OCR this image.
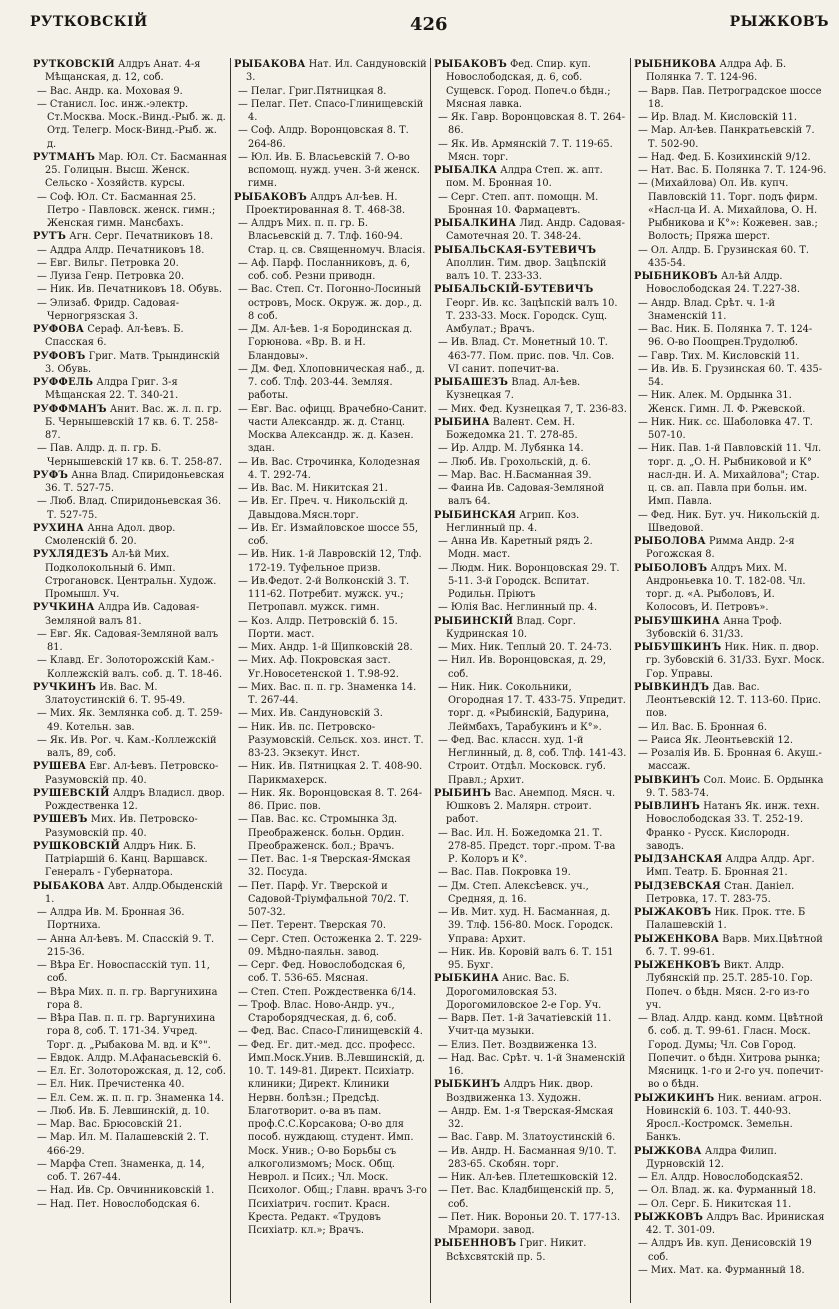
РУТКОВСКІЙ	426	РЫЖКОВЪ

РУТКОВСКІЙ Алдръ Анат. 4-я Мѣщанская, д. 12, соб.

— Вас. Андр. ка. Моховая 9.

— Станисл. Іос. инж.-электр. Ст.Москва. Моск.-Винд.-Рыб. ж. д. Отд. Телегр. Моск-Винд.-Рыб. ж. д.

РУТМАНЪ Мар. Юл. Ст. Басманная 25. Голицын. Высш. Женск. Сельско - Хозяйств. курсы.

— Соф. Юл. Ст. Басманная 25. Петро - Павловск. женск. гимн.; Женская гимн. Мансбахъ.

РУТЪ Агн. Серг. Печатниковъ 18.

— Аддра Алдр. Печатниковъ 18.

— Евг. Вильг. Петровка 20.

— Луиза Генр. Петровка 20.

— Ник. Ив. Печатниковъ 18. Обувь.

— Элизаб. Фридр. Садовая-Черногрязская 3.

РУФОВА Сераф. Ал-ѣевъ. Б. Спасская 6.

РУФОВЪ Григ. Матв. Трындинскій 3. Обувь.

РУФФЕЛЬ Алдра Григ. 3-я Мѣщанская 22. Т. 340-21.

РУФФМАНЪ Анит. Вас. ж. л. п. гр. Б. Чернышевскій 17 кв. 6. Т. 258-87.

— Пав. Алдр. д. п. гр. Б. Чернышевскій 17 кв. 6. Т. 258-87.

РУФЪ Анна Влад. Спиридоньевская 36. Т. 527-75.

— Люб. Влад. Спиридоньевская 36. Т. 527-75.

РУХИНА Анна Адол. двор. Смоленскій б. 20.

РУХЛЯДЕЗЪ Ал-ѣй Мих. Подколокольный 6. Имп. Строгановск. Центральн. Худож. Промышл. Уч.

РУЧКИНА Алдра Ив. Садовая-Земляной валъ 81.

— Евг. Як. Садовая-Земляной валъ 81.

— Клавд. Ег. Золоторожскій Кам.-Коллежскій валъ. соб. д. Т. 18-46.

РУЧКИНЪ Ив. Вас. М. Златоустинскій 6. Т. 95-49.

— Мих. Як. Землянка соб. д. Т. 259-49. Котельн. зав.

— Як. Ив. Рог. ч. Кам.-Коллежскій валъ, 89, соб.

РУШЕВА Евг. Ал-ѣевъ. Петровско-Разумовскій пр. 40.

РУШЕВСКІЙ Алдръ Владисл. двор. Рождественка 12.

РУШЕВЪ Мих. Ив. Петровско-Разумовскій пр. 40.

РУШКОВСКІЙ Алдръ Ник. Б. Патріаршій 6. Канц. Варшавск. Генералъ - Губернатора.

РЫБАКОВА Авт. Алдр.Обыденскій 1.

— Алдра Ив. М. Бронная 36. Портниха.

— Анна Ал-ѣевъ. М. Спасскій 9. Т. 215-36.

— Вѣра Ег. Новоспасскій туп. 11, соб.

— Вѣра Мих. п. п. гр. Варгунихина гора 8.

— Вѣра Пав. п. п. гр. Варгунихина гора 8, соб. Т. 171-34. Учред. Торг. д. „Рыбакова М. вд. и К°".

— Евдок. Алдр. М.Афанасьевскій 6.

— Ел. Ег. Золоторожская, д. 12, соб.

— Ел. Ник. Пречистенка 40.

— Ел. Сем. ж. п. п. гр. Знаменка 14.

— Люб. Ив. Б. Левшинскій, д. 10.

— Мар. Вас. Брюсовскій 21.

— Мар. Ил. М. Палашевскій 2. Т. 466-29.

— Марфа Степ. Знаменка, д. 14, соб. Т. 267-44.

— Над. Ив. Ср. Овчинниковскій 1.

— Над. Пет. Новослободская 6.

РЫБАКОВА Нат. Ил. Сандуновскій 3.

— Пелаг. Григ.Пятницкая 8.

— Пелаг. Пет. Спасо-Глинищевскій 4.

— Соф. Алдр. Воронцовская 8. Т. 264-86.

— Юл. Ив. Б. Власьевскій 7. О-во вспомощ. нужд. учен. 3-й женск. гимн.

РЫБАКОВЪ Алдръ Ал-ѣев. Н. Проектированная 8. Т. 468-38.

— Алдръ Мих. п. п. гр. Б. Власьевскій д. 7. Тлф. 160-94. Стар. ц. св. Священномуч. Власія.

— Аф. Парф. Посланниковъ, д. 6, соб. соб. Резни приводн.

— Вас. Степ. Ст. Погонно-Лосиный островъ, Моск. Окруж. ж. дор., д. 8 соб.

— Дм. Ал-ѣев. 1-я Бородинская д. Горюнова. «Вр. В. и Н. Бландовы».

— Дм. Фед. Хлоповническая наб., д. 7. соб. Тлф. 203-44. Земляя. работы.

— Евг. Вас. офицц. Врачебно-Санит. части Александр. ж. д. Станц. Москва Александр. ж. д. Казен. здан.

— Ив. Вас. Строчинка, Колодезная 4. Т. 292-74.

— Ив. Вас. М. Никитская 21.

— Ив. Ег. Преч. ч. Никольскій д. Давыдова.Мясн.торг.

— Ив. Ег. Измайловское шоссе 55, соб.

— Ив. Ник. 1-й Лавровскій 12, Тлф. 172-19. Туфельное призв.

— Ив.Федот. 2-й Волконскій 3. Т. 111-62. Потребит. мужск. уч.; Петропавл. мужск. гимн.

— Коз. Алдр. Петровскій б. 15. Порти. маст.

— Мих. Андр. 1-й Щипковскій 28.

— Мих. Аф. Покровская заст. Уг.Новосетенской 1. Т.98-92.

— Мих. Вас. п. п. гр. Знаменка 14. Т. 267-44.

— Мих. Ив. Сандуновскій 3.

— Ник. Ив. пс. Петровско-Разумовскій. Сельск. хоз. инст. Т. 83-23. Экзекут. Инст.

— Ник. Ив. Пятницкая 2. Т. 408-90. Парикмахерск.

— Ник. Як. Воронцовская 8. Т. 264-86. Прис. пов.

— Пав. Вас. кс. Стромынка 3д. Преображенск. больн. Ордин. Преображенск. бол.; Врачъ.

— Пет. Вас. 1-я Тверская-Ямская 32. Посуда.

— Пет. Парф. Уг. Тверской и Садовой-Тріумфальной 70/2. Т. 507-32.

— Пет. Терент. Тверская 70.

— Серг. Степ. Остоженка 2. Т. 229-09. Мѣдно-паяльн. завод.

— Серг. Фед. Новослободская 6, соб. Т. 536-65. Мясная.

— Степ. Степ. Рождественка 6/14.

— Троф. Влас. Ново-Андр. уч., Староборядческая, д. 6, соб.

— Фед. Вас. Спасо-Глинищевскій 4.

— Фед. Ег. дит.-мед. дсс. професс. Имп.Моск.Унив. В.Левшинскій, д. 10. Т. 149-81. Директ. Психіатр. клиники; Директ. Клиники Нервн. болѣзн.; Предсѣд. Благотворит. о-ва въ пам. проф.С.С.Корсакова; О-во для пособ. нуждающ. студент. Имп. Моск. Унив.; О-во Борьбы съ алкоголизмомъ; Моск. Общ. Неврол. и Псих.; Чл. Моск. Психолог. Общ.; Главн. врачъ 3-го Психіатрич. госпит. Красн. Креста. Редакт. «Трудовъ Психіатр. кл.»; Врачъ.

РЫБАКОВЪ Фед. Спир. куп. Новослободская, д. 6, соб. Сущевск. Город. Попеч.о бѣдн.; Мясная лавка.

— Як. Гавр. Воронцовская 8. Т. 264-86.

— Як. Ив. Армянскій 7. Т. 119-65. Мясн. торг.

РЫБАЛКА Алдра Степ. ж. апт. пом. М. Бронная 10.

— Серг. Степ. апт. помощн. М. Бронная 10. Фармацевтъ.

РЫБАЛКИНА Лид. Андр. Садовая-Самотечная 20. Т. 348-24.

РЫБАЛЬСКАЯ-БУТЕВИЧЪ Аполлин. Тим. двор. Зацѣпскій валъ 10. Т. 233-33.

РЫБАЛЬСКІЙ-БУТЕВИЧЪ Георг. Ив. кс. Зацѣпскій валъ 10. Т. 233-33. Моск. Городск. Сущ. Амбулат.; Врачъ.

— Ив. Влад. Ст. Монетный 10. Т. 463-77. Пом. прис. пов. Чл. Сов. VI санит. попечит-ва.

РЫБАШЕЗЪ Влад. Ал-ѣев. Кузнецкая 7.

— Мих. Фед. Кузнецкая 7, Т. 236-83.

РЫБИНА Валент. Сем. Н. Божедомка 21. Т. 278-85.

— Ир. Алдр. М. Лубянка 14.

— Люб. Ив. Грохольскій, д. 6.

— Мар. Вас. Н.Басманная 39.

— Фаина Ив. Садовая-Земляной валъ 64.

РЫБИНСКАЯ Агрип. Коз. Неглинный пр. 4.

— Анна Ив. Каретный рядъ 2. Модн. маст.

— Людм. Ник. Воронцовская 29. Т. 5-11. 3-й Городск. Вспитат. Родильн. Пріютъ

— Юлія Вас. Неглинный пр. 4.

РЫБИНСКІЙ Влад. Сорг. Кудринская 10.

— Мих. Ник. Теплый 20. Т. 24-73.

— Нил. Ив. Воронцовская, д. 29, соб.

— Ник. Ник. Сокольники, Огородная 17. Т. 433-75. Упредит. торг. д. «Рыбинскій, Бадурина, Леймбахъ, Тарабукинъ и К°».

— Фед. Вас. классн. худ. 1-й Неглинный, д. 8, соб. Тлф. 141-43. Строит. Отдѣл. Московск. губ. Правл.; Архит.

РЫБИНЪ Вас. Анемпод. Мясн. ч. Юшковъ 2. Малярн. строит. работ.

— Вас. Ил. Н. Божедомка 21. Т. 278-85. Предст. торг.-пром. Т-ва Р. Колоръ и К°.

— Вас. Пав. Покровка 19.

— Дм. Степ. Алексѣевск. уч., Средняя, д. 16.

— Ив. Мит. худ. Н. Басманная, д. 39. Тлф. 156-80. Моск. Городск. Управа: Архит.

— Ник. Ив. Коровій валъ 6. Т. 151 95. Бухг.

РЫБКИНА Анис. Вас. Б. Дорогомиловская 53. Дорогомиловское 2-е Гор. Уч.

— Варв. Пет. 1-й Зачатіевскій 11. Учит-ца музыки.

— Елиз. Пет. Воздвиженка 13.

— Над. Вас. Срѣт. ч. 1-й Знаменскій 16.

РЫБКИНЪ Алдръ Ник. двор. Воздвиженка 13. Художн.

— Андр. Ем. 1-я Тверская-Ямская 32.

— Вас. Гавр. М. Златоустинскій 6.

— Ив. Андр. Н. Басманная 9/10. Т. 283-65. Скобян. торг.

— Ник. Ал-ѣев. Плетешковскій 12.

— Пет. Вас. Кладбищенскій пр. 5, соб.

— Пет. Ник. Вороньи 20. Т. 177-13. Мрамори. завод.

РЫБЕННОВЪ Григ. Никит. Всѣхсвятскій пр. 5.

РЫБНИКОВА Алдра Аф. Б. Полянка 7. Т. 124-96.

— Варв. Пав. Петроградское шоссе 18.

— Ир. Влад. М. Кисловскій 11.

— Мар. Ал-ѣев. Панкратьевскій 7. Т. 502-90.

— Над. Фед. Б. Козихинскій 9/12.

— Нат. Вас. Б. Полянка 7. Т. 124-96.

— (Михайлова) Ол. Ив. купч. Павловскій 11. Торг. подъ фирм. «Насл-ца И. А. Михайлова, О. Н. Рыбникова и К°»: Кожевен. зав.; Волость; Пряжа шерст.

— Ол. Алдр. Б. Грузинская 60. Т. 435-54.

РЫБНИКОВЪ Ал-ѣй Алдр. Новослободская 24. Т.227-38.

— Андр. Влад. Срѣт. ч. 1-й Знаменскій 11.

— Вас. Ник. Б. Полянка 7. Т. 124-96. О-во Поощрен.Трудолюб.

— Гавр. Тих. М. Кисловскій 11.

— Ив. Ив. Б. Грузинская 60. Т. 435-54.

— Ник. Алек. М. Ордынка 31. Женск. Гимн. Л. Ф. Ржевской.

— Ник. Ник. сс. Шаболовка 47. Т. 507-10.

— Ник. Пав. 1-й Павловскій 11. Чл. торг. д. „О. Н. Рыбниковой и К° насл-дн. И. А. Михайлова"; Стар. ц. св. ап. Павла при больн. им. Имп. Павла.

— Фед. Ник. Бут. уч. Никольскій д. Шведовой.

РЫБОЛОВА Римма Андр. 2-я Рогожская 8.

РЫБОЛОВЪ Алдръ Мих. М. Андроньевка 10. Т. 182-08. Чл. торг. д. «А. Рыболовъ, И. Колосовъ, И. Петровъ».

РЫБУШКИНА Анна Троф. Зубовскій 6. 31/33.

РЫБУШКИНЪ Ник. Ник. п. двор. гр. Зубовскій 6. 31/33. Бухг. Моск. Гор. Управы.

РЫВКИНДЪ Дав. Вас. Леонтьевскій 12. Т. 113-60. Прис. пов.

— Ил. Вас. Б. Бронная 6.

— Раиса Як. Леонтьевскій 12.

— Розалія Ив. Б. Бронная 6. Акуш.-массаж.

РЫВКИНЪ Сол. Моис. Б. Ордынка 9. Т. 583-74.

РЫВЛИНЪ Натанъ Як. инж. техн. Новослободская 33. Т. 252-19. Франко - Русск. Кислородн. заводъ.

РЫДЗАНСКАЯ Алдра Алдр. Арг. Имп. Театр. Б. Бронная 21.

РЫДЗЕВСКАЯ Стан. Даніел. Петровка, 17. Т. 283-75.

РЫЖАКОВЪ Ник. Прок. тте. Б Палашевскій 1.

РЫЖЕНКОВА Варв. Мих.Цвѣтной б. 7. Т. 99-61.

РЫЖЕНКОВЪ Викт. Алдр. Лубянскій пр. 25.Т. 285-10. Гор. Попеч. о бѣдн. Мясн. 2-го из-го уч.

— Влад. Алдр. канд. комм. Цвѣтной б. соб. д. Т. 99-61. Гласн. Моск. Город. Думы; Чл. Сов Город. Попечит. о бѣдн. Хитрова рынка; Мясницк. 1-го и 2-го уч. попечит-во о бѣдн.

РЫЖИКИНЪ Ник. вениам. агрон. Новинскій 6. 103. Т. 440-93. Яросл.-Костромск. Земельн. Банкъ.

РЫЖКОВА Алдра Филип. Дурновскій 12.

— Ел. Алдр. Новослободская52.

— Ол. Влад. ж. ка. Фурманный 18.

— Ол. Серг. Б. Никитская 11.

РЫЖКОВЪ Алдръ Вас. Ириниская 42. Т. 301-09.

— Алдръ Ив. куп. Денисовскій 19 соб.

— Мих. Мат. ка. Фурманный 18.
